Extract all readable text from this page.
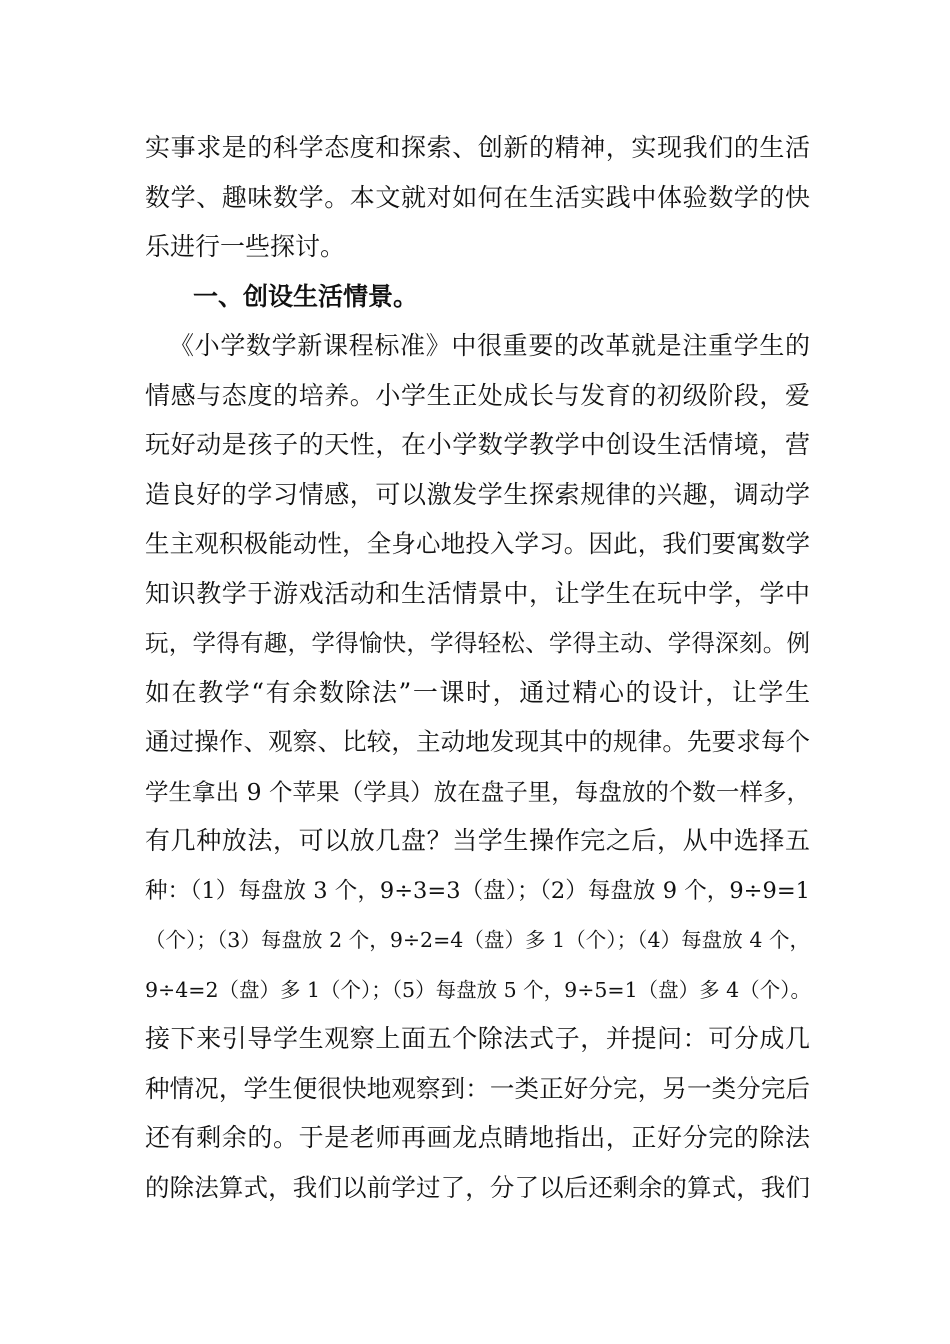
实事求是的科学态度和探索、创新的精神，实现我们的生活
数学、趣味数学。本文就对如何在生活实践中体验数学的快
乐进行一些探讨。
一、创设生活情景。
《小学数学新课程标准》中很重要的改革就是注重学生的
情感与态度的培养。小学生正处成长与发育的初级阶段，爱
玩好动是孩子的天性，在小学数学教学中创设生活情境，营
造良好的学习情感，可以激发学生探索规律的兴趣，调动学
生主观积极能动性，全身心地投入学习。因此，我们要寓数学
知识教学于游戏活动和生活情景中，让学生在玩中学，学中
玩，学得有趣，学得愉快，学得轻松、学得主动、学得深刻。例
如在教学“有余数除法”一课时，通过精心的设计，让学生
通过操作、观察、比较，主动地发现其中的规律。先要求每个
学生拿出 9 个苹果（学具）放在盘子里，每盘放的个数一样多，
有几种放法，可以放几盘？当学生操作完之后，从中选择五
种：（1）每盘放 3 个，9÷3=3（盘）；（2）每盘放 9 个，9÷9=1
（个）；（3）每盘放 2 个，9÷2=4（盘）多 1（个）；（4）每盘放 4 个，
9÷4=2（盘）多 1（个）；（5）每盘放 5 个，9÷5=1（盘）多 4（个）。
接下来引导学生观察上面五个除法式子，并提问：可分成几
种情况，学生便很快地观察到：一类正好分完，另一类分完后
还有剩余的。于是老师再画龙点睛地指出，正好分完的除法
的除法算式，我们以前学过了，分了以后还剩余的算式，我们
